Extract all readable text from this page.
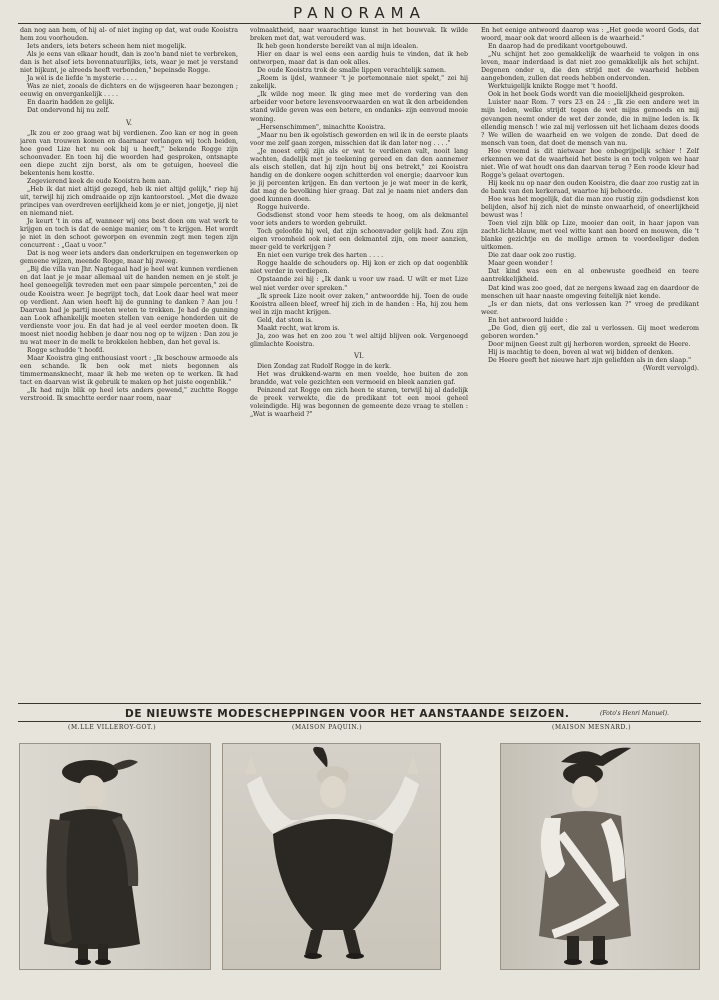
PANORAMA

dan nog aan hem, of hij al- of niet inging op dat, wat oude Kooistra hem zou voorhouden.

Iets anders, iets beters scheen hem niet mogelijk.

Als je eens van elkaar houdt, dan is zoo'n band niet te verbreken, dan is het alsof iets bovennatuurlijks, iets, waar je met je verstand niet bijkunt, je alreeds heeft verbonden," bepeinsde Rogge.

Ja wèl is de liefde 'n mysterie . . . .

Was ze niet, zooals de dichters en de wijsgeeren haar bezongen ; eeuwig en onvergankelijk . . . .

En daarin hadden ze gelijk.

Dat ondervond hij nu zelf.

V.

„Ik zou er zoo graag wat bij verdienen. Zoo kan er nog in geen jaren van trouwen komen en daarnaar verlangen wij toch beiden, hoe goed Lize het nu ook bij u heeft," bekende Rogge zijn schoonvader. En toen hij die woorden had gesproken, ontsnapte een diepe zucht zijn borst, als om te getuigen, hoeveel die bekentenis hem kostte.

Zegevierend keek de oude Kooistra hem aan.

„Heb ik dat niet altijd gezegd, heb ik niet altijd gelijk," riep hij uit, terwijl hij zich omdraaide op zijn kantoorstoel. „Met die dwaze principes van overdreven eerlijkheid kom je er niet, jongetje, jij niet en niemand niet.

Je keurt 't in ons af, wanneer wij ons best doen om wat werk te krijgen en toch is dat de eenige manier, om 't te krijgen. Het wordt je niet in den schoot geworpen en evenmin zegt men tegen zijn concurrent : „Gaat u voor."

Dat is nog weer iets anders dan onderkruipen en tegenwerken op gemeene wijzen, meende Rogge, maar hij zweeg.

„Bij die villa van Jhr. Nagtegaal had je heel wat kunnen verdienen en dat laat je je maar allemaal uit de handen nemen en je stelt je heel genoegelijk tevreden met een paar simpele percenten," zei de oude Kooistra weer. Je begrijpt toch, dat Look daar heel wat meer op verdient. Aan wien heeft hij de gunning te danken ? Aan jou ! Daarvan had je partij moeten weten te trekken. Je had de gunning aan Look afhankelijk moeten stellen van eenige honderden uit de verdienste voor jou. En dat had je al veel eerder moeten doen. Ik moest niet noodig hebben je daar nou nog op te wijzen : Dan zou je nu wat meer in de melk te brokkelen hebben, dan het geval is.

Rogge schudde 't hoofd.

Maar Kooistra ging enthousiast voort : „Ik beschouw armoede als een schande. Ik ben ook met niets begonnen als timmermansknecht, maar ik heb me weten op te werken. Ik had tact en daarvan wist ik gebruik te maken op het juiste oogenblik."

„Ik had mijn blik op heel iets anders gewend," zuchtte Rogge verstrooid. Ik smachtte eerder naar roem, naar

volmaaktheid, naar waarachtige kunst in het bouwvak. Ik wilde breken met dat, wat verouderd was.

Ik heb geen honderste bereikt van al mijn idealen.

Hier en daar is wel eens een aardig huis te vinden, dat ik heb ontworpen, maar dat is dan ook alles.

De oude Kooistra trok de smalle lippen verachtelijk samen.

„Roem is ijdel, wanneer 't je portemonnaie niet spekt," zei hij zakelijk.

„Ik wilde nog meer. Ik ging mee met de vordering van den arbeider voor betere levensvoorwaarden en wat ik den arbeidenden stand wilde geven was een betere, en ondanks- zijn eenvoud mooie woning.

„Hersenschimmen", minachtte Kooistra.

„Maar nu ben ik egoïstisch geworden en wil ik in de eerste plaats voor me zelf gaan zorgen, misschien dat ik dan later nog . . . ."

„Je moest erbij zijn als er wat te verdienen valt, nooit lang wachten, dadelijk met je teekening gereed en dan den aannemer als eisch stellen, dat hij zijn hout bij ons betrekt," zei Kooistra handig en de donkere oogen schitterden vol energie; daarvoor kun je jij percenten krijgen. En dan vertoon je je wat meer in de kerk, dat mag de bevolking hier graag. Dat zal je naam niet anders dan goed kunnen doen.

Rogge huiverde.

Godsdienst stond voor hem steeds te hoog, om als dekmantel voor iets anders te worden gebruikt.

Toch geloofde hij wel, dat zijn schoonvader gelijk had. Zou zijn eigen vroomheid ook niet een dekmantel zijn, om meer aanzien, meer geld te verkrijgen ?

En niet een vurige trek des harten . . . .

Rogge haalde de schouders op. Hij kon er zich op dat oogenblik niet verder in verdiepen.

Opstaande zei hij : „Ik dank u voor uw raad. U wilt er met Lize wel niet verder over spreken."

„Ik spreek Lize nooit over zaken," antwoordde hij. Toen de oude Kooistra alleen bleef, wreef hij zich in de handen : Ha, hij zou hem wel in zijn macht krijgen.

Geld, dat stom is.

Maakt recht, wat krom is.

Ja, zoo was het en zoo zou 't wel altijd blijven ook. Vergenoegd glimlachte Kooistra.

VI.

Dien Zondag zat Rudolf Rogge in de kerk.

Het was drukkend-warm en men voelde, hoe buiten de zon brandde, wat vele gezichten een vermoeid en bleek aanzien gaf.

Peinzend zat Rogge om zich heen te staren, terwijl hij al dadelijk de preek verwekte, die de predikant tot een mooi geheel voleindigde. Hij was begonnen de gemeente deze vraag te stellen : „Wat is waarheid ?"

En het eenige antwoord daarop was : „Het goede woord Gods, dat woord, maar ook dat woord alleen is de waarheid."

En daarop had de predikant voortgebouwd.

„Nu schijnt het zoo gemakkelijk de waarheid te volgen in ons leven, maar inderdaad is dat niet zoo gemakkelijk als het schijnt. Degenen onder u, die den strijd met de waarheid hebben aangebonden, zullen dat reeds hebben ondervonden.

Werktuigelijk knikte Rogge met 't hoofd.

Ook in het boek Gods wordt van die moeielijkheid gesproken.

Luister naar Rom. 7 vers 23 en 24 : „Ik zie een andere wet in mijn leden, welke strijdt tegen de wet mijns gemoeds en mij gevangen neemt onder de wet der zonde, die in mijne leden is. Ik ellendig mensch ! wie zal mij verlossen uit het lichaam dezes doods ? We willen de waarheid en we volgen de zonde. Dat deed de mensch van toen, dat doet de mensch van nu.

Hoe vreemd is dit nietwaar hoe onbegrijpelijk schier ! Zelf erkennen we dat de waarheid het beste is en toch volgen we haar niet. Wie of wat houdt ons dan daarvan terug ? Een roode kleur had Rogge's gelaat overtogen.

Hij keek nu op naar den ouden Kooistra, die daar zoo rustig zat in de bank van den kerkeraad, waartoe hij behoorde.

Hoe was het mogelijk, dat die man zoo rustig zijn godsdienst kon belijden, alsof hij zich niet de minste onwaarheid, of oneerlijkheid bewust was !

Toen viel zijn blik op Lize, mooier dan ooit, in haar japon van zacht-licht-blauw, met veel witte kant aan boord en mouwen, die 't blanke gezichtje en de mollige armen te voordeeliger deden uitkomen.

Die zat daar ook zoo rustig.

Maar geen wonder !

Dat kind was een en al onbewuste goedheid en teere aantrekkelijkheid.

Dat kind was zoo goed, dat ze nergens kwaad zag en daardoor de menschen uit haar naaste omgeving feitelijk niet kende.

„Is er dan niets, dat ons verlossen kan ?" vroeg de predikant weer.

En het antwoord luidde :

„De God, dien gij eert, die zal u verlossen. Gij moet wederom geboren worden."

Door mijnen Geest zult gij herboren worden, spreekt de Heere.

Hij is machtig te doen, boven al wat wij bidden of denken.

De Heere geeft het nieuwe hart zijn geliefden als in den slaap."

(Wordt vervolgd).

DE NIEUWSTE MODESCHEPPINGEN VOOR HET AANSTAANDE SEIZOEN.	(Foto's Henri Manuel).
(M.LLE VILLEROY-GOT.)	(MAISON PAQUIN.)	(MAISON MESNARD.)
